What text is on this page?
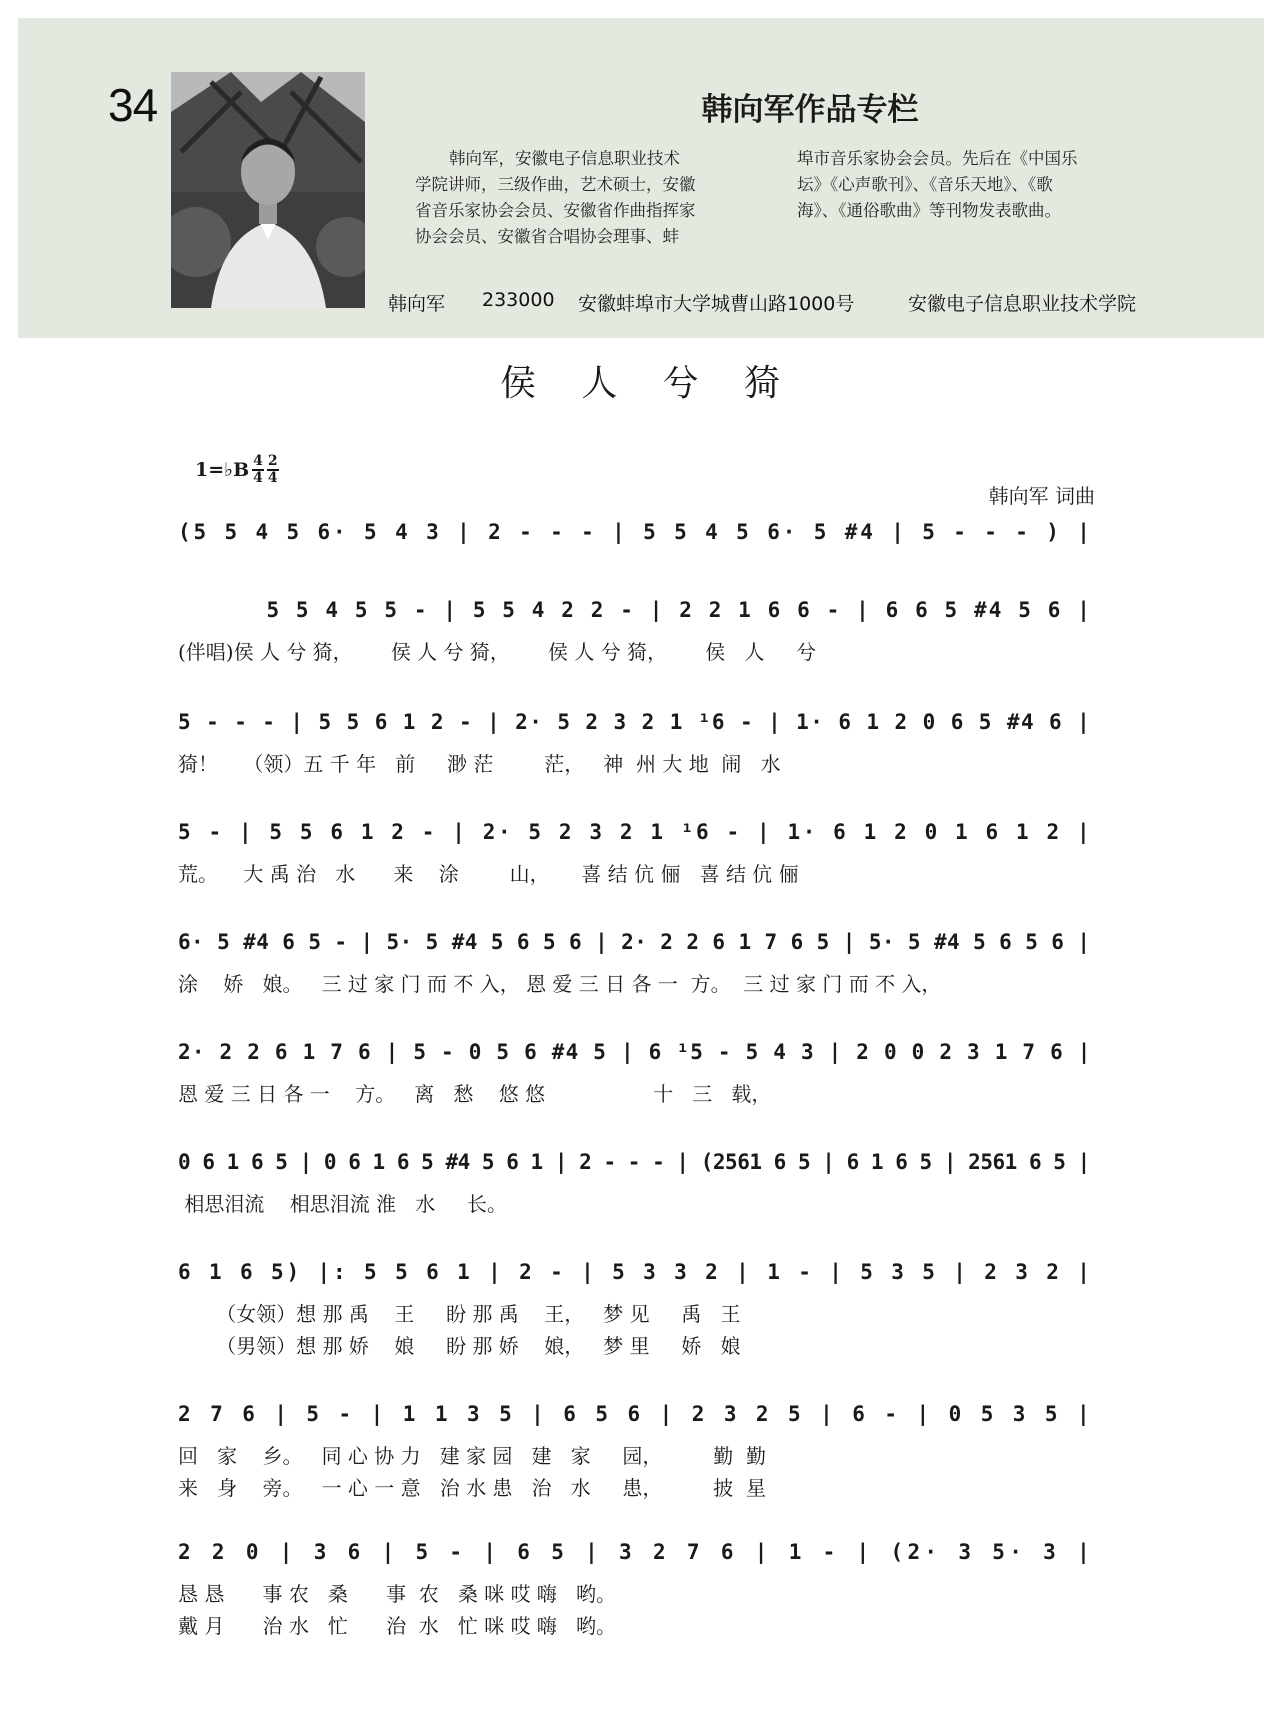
34	韩向军作品专栏
韩向军，安徽电子信息职业技术
学院讲师，三级作曲，艺术硕士，安徽
省音乐家协会会员、安徽省作曲指挥家
协会会员、安徽省合唱协会理事、蚌
埠市音乐家协会会员。先后在《中国乐
坛》《心声歌刊》、《音乐天地》、《歌
海》、《通俗歌曲》等刊物发表歌曲。
韩向军 233000 安徽蚌埠市大学城曹山路1000号	安徽电子信息职业技术学院
侯 人 兮 猗
1=♭B 4
4
2
4
韩向军 词曲
(5 5 4 5 6· 5 4 3 | 2 - - - | 5 5 4 5 6· 5 #4 | 5 - - - ) |
5 5 4 5 5 - | 5 5 4 2 2 - | 2 2 1 6 6 - | 6 6 5 #4 5 6 |
(伴唱)侯 人 兮 猗，      侯 人 兮 猗，      侯 人 兮 猗，      侯   人     兮
5 - - - | 5 5 6 1 2 - | 2· 5 2 3 2 1 ¹6 - | 1· 6 1 2 0 6 5 #4 6 |
猗！    （领）五 千 年   前     渺 茫        茫，   神  州 大 地  闹   水
5 - | 5 5 6 1 2 - | 2· 5 2 3 2 1 ¹6 - | 1· 6 1 2 0 1 6 1 2 |
荒。    大 禹 治   水      来    涂        山，     喜 结 伉 俪   喜 结 伉 俪
6· 5 #4 6 5 - | 5· 5 #4 5 6 5 6 | 2· 2 2 6 1 7 6 5 | 5· 5 #4 5 6 5 6 |
涂    娇   娘。   三 过 家 门 而 不 入， 恩 爱 三 日 各 一  方。  三 过 家 门 而 不 入，
2· 2 2 6 1 7 6 | 5 - 0 5 6 #4 5 | 6 ¹5 - 5 4 3 | 2 0 0 2 3 1 7 6 |
恩 爱 三 日 各 一    方。   离   愁    悠 悠                 十   三   载，
0 6 1 6 5 | 0 6 1 6 5 #4 5 6 1 | 2 - - - | (2561 6 5 | 6 1 6 5 | 2561 6 5 |
相思泪流    相思泪流 淮   水     长。
6 1 6 5) |: 5 5 6 1 | 2 - | 5 3 3 2 | 1 - | 5 3 5 | 2 3 2 |
（女领）想 那 禹    王     盼 那 禹    王，   梦 见     禹   王
（男领）想 那 娇    娘     盼 那 娇    娘，   梦 里     娇   娘
2 7 6 | 5 - | 1 1 3 5 | 6 5 6 | 2 3 2 5 | 6 - | 0 5 3 5 |
回   家    乡。   同 心 协 力   建 家 园   建   家     园，        勤  勤
来   身    旁。   一 心 一 意   治 水 患   治   水     患，        披  星
2 2 0 | 3 6 | 5 - | 6 5 | 3 2 7 6 | 1 - | (2· 3 5· 3 |
恳 恳      事 农   桑      事  农   桑 咪 哎 嗨   哟。
戴 月      治 水   忙      治  水   忙 咪 哎 嗨   哟。
